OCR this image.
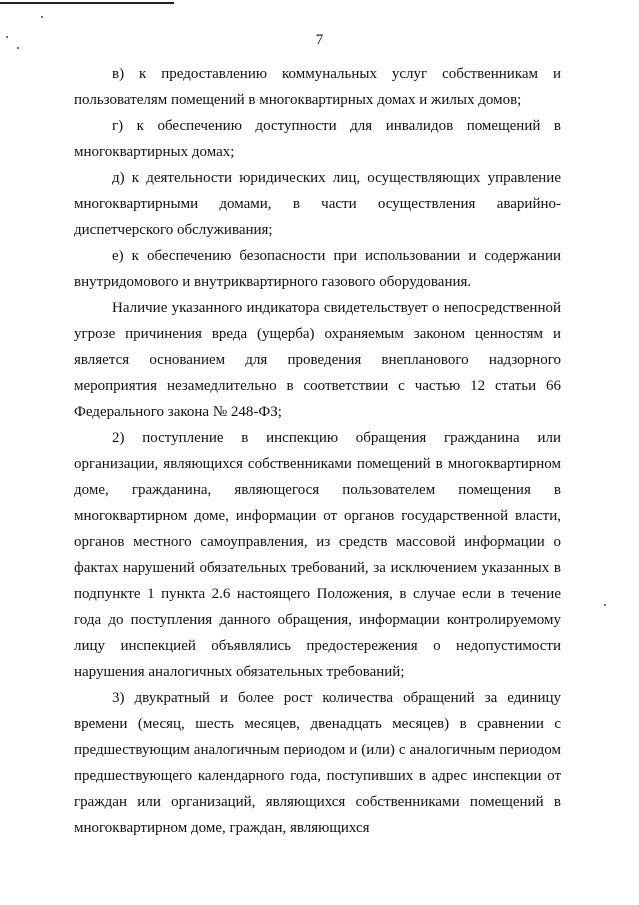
7

в) к предоставлению коммунальных услуг собственникам и пользователям помещений в многоквартирных домах и жилых домов;

г) к обеспечению доступности для инвалидов помещений в многоквартирных домах;

д) к деятельности юридических лиц, осуществляющих управление многоквартирными домами, в части осуществления аварийно-диспетчерского обслуживания;

е) к обеспечению безопасности при использовании и содержании внутридомового и внутриквартирного газового оборудования.

Наличие указанного индикатора свидетельствует о непосредственной угрозе причинения вреда (ущерба) охраняемым законом ценностям и является основанием для проведения внепланового надзорного мероприятия незамедлительно в соответствии с частью 12 статьи 66 Федерального закона № 248-ФЗ;

2) поступление в инспекцию обращения гражданина или организации, являющихся собственниками помещений в многоквартирном доме, гражданина, являющегося пользователем помещения в многоквартирном доме, информации от органов государственной власти, органов местного самоуправления, из средств массовой информации о фактах нарушений обязательных требований, за исключением указанных в подпункте 1 пункта 2.6 настоящего Положения, в случае если в течение года до поступления данного обращения, информации контролируемому лицу инспекцией объявлялись предостережения о недопустимости нарушения аналогичных обязательных требований;

3) двукратный и более рост количества обращений за единицу времени (месяц, шесть месяцев, двенадцать месяцев) в сравнении с предшествующим аналогичным периодом и (или) с аналогичным периодом предшествующего календарного года, поступивших в адрес инспекции от граждан или организаций, являющихся собственниками помещений в многоквартирном доме, граждан, являющихся
